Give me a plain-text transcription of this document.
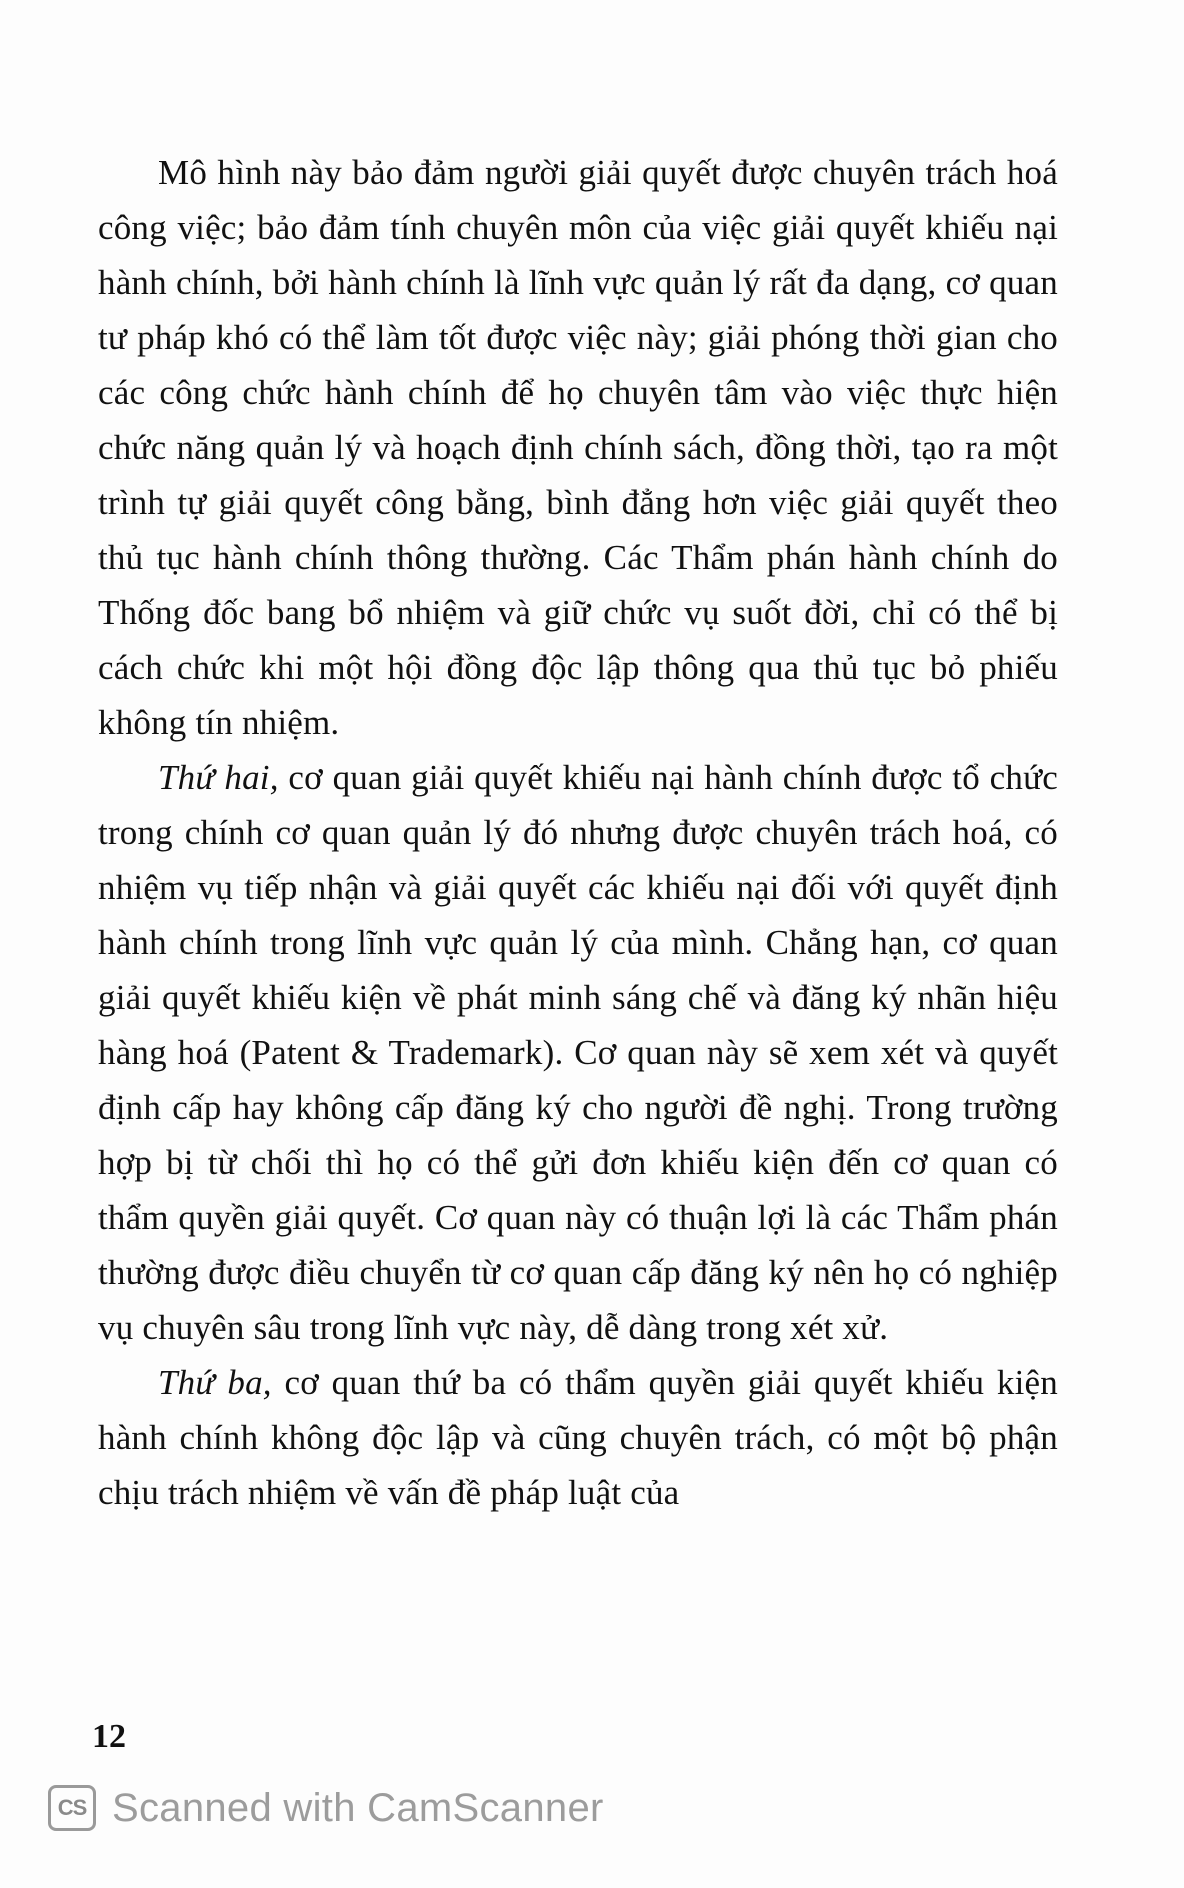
Mô hình này bảo đảm người giải quyết được chuyên trách hoá công việc; bảo đảm tính chuyên môn của việc giải quyết khiếu nại hành chính, bởi hành chính là lĩnh vực quản lý rất đa dạng, cơ quan tư pháp khó có thể làm tốt được việc này; giải phóng thời gian cho các công chức hành chính để họ chuyên tâm vào việc thực hiện chức năng quản lý và hoạch định chính sách, đồng thời, tạo ra một trình tự giải quyết công bằng, bình đẳng hơn việc giải quyết theo thủ tục hành chính thông thường. Các Thẩm phán hành chính do Thống đốc bang bổ nhiệm và giữ chức vụ suốt đời, chỉ có thể bị cách chức khi một hội đồng độc lập thông qua thủ tục bỏ phiếu không tín nhiệm.

Thứ hai, cơ quan giải quyết khiếu nại hành chính được tổ chức trong chính cơ quan quản lý đó nhưng được chuyên trách hoá, có nhiệm vụ tiếp nhận và giải quyết các khiếu nại đối với quyết định hành chính trong lĩnh vực quản lý của mình. Chẳng hạn, cơ quan giải quyết khiếu kiện về phát minh sáng chế và đăng ký nhãn hiệu hàng hoá (Patent & Trademark). Cơ quan này sẽ xem xét và quyết định cấp hay không cấp đăng ký cho người đề nghị. Trong trường hợp bị từ chối thì họ có thể gửi đơn khiếu kiện đến cơ quan có thẩm quyền giải quyết. Cơ quan này có thuận lợi là các Thẩm phán thường được điều chuyển từ cơ quan cấp đăng ký nên họ có nghiệp vụ chuyên sâu trong lĩnh vực này, dễ dàng trong xét xử.

Thứ ba, cơ quan thứ ba có thẩm quyền giải quyết khiếu kiện hành chính không độc lập và cũng chuyên trách, có một bộ phận chịu trách nhiệm về vấn đề pháp luật của

12
CS Scanned with CamScanner
